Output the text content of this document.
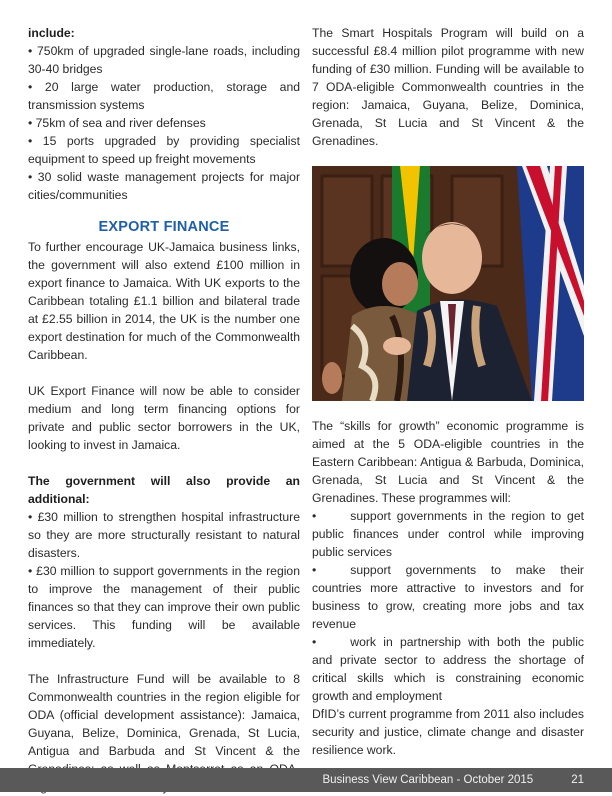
include:

• 750km of upgraded single-lane roads, including 30-40 bridges

• 20 large water production, storage and transmission systems

• 75km of sea and river defenses

• 15 ports upgraded by providing specialist equipment to speed up freight movements

• 30 solid waste management projects for major cities/communities

EXPORT FINANCE

To further encourage UK-Jamaica business links, the government will also extend £100 million in export finance to Jamaica. With UK exports to the Caribbean totaling £1.1 billion and bilateral trade at £2.55 billion in 2014, the UK is the number one export destination for much of the Commonwealth Caribbean.

UK Export Finance will now be able to consider medium and long term financing options for private and public sector borrowers in the UK, looking to invest in Jamaica.

The government will also provide an additional:

• £30 million to strengthen hospital infrastructure so they are more structurally resistant to natural disasters.

• £30 million to support governments in the region to improve the management of their public finances so that they can improve their own public services. This funding will be available immediately.

The Infrastructure Fund will be available to 8 Commonwealth countries in the region eligible for ODA (official development assistance): Jamaica, Guyana, Belize, Dominica, Grenada, St Lucia, Antigua and Barbuda and St Vincent & the

The Smart Hospitals Program will build on a successful £8.4 million pilot programme with new funding of £30 million. Funding will be available to 7 ODA-eligible Commonwealth countries in the region: Jamaica, Guyana, Belize, Dominica, Grenada, St Lucia and St Vincent & the Grenadines.

The “skills for growth” economic programme is aimed at the 5 ODA-eligible countries in the Eastern Caribbean: Antigua & Barbuda, Dominica, Grenada, St Lucia and St Vincent & the Grenadines. These programmes will:

•	support governments in the region to get public finances under control while improving public services

•	support governments to make their countries more attractive to investors and for business to grow, creating more jobs and tax revenue

•	work in partnership with both the public and private sector to address the shortage of critical skills which is constraining economic growth and employment

DfID’s current programme from 2011 also includes security and justice, climate change and disaster resilience work.

Business View Caribbean - October 2015	21
